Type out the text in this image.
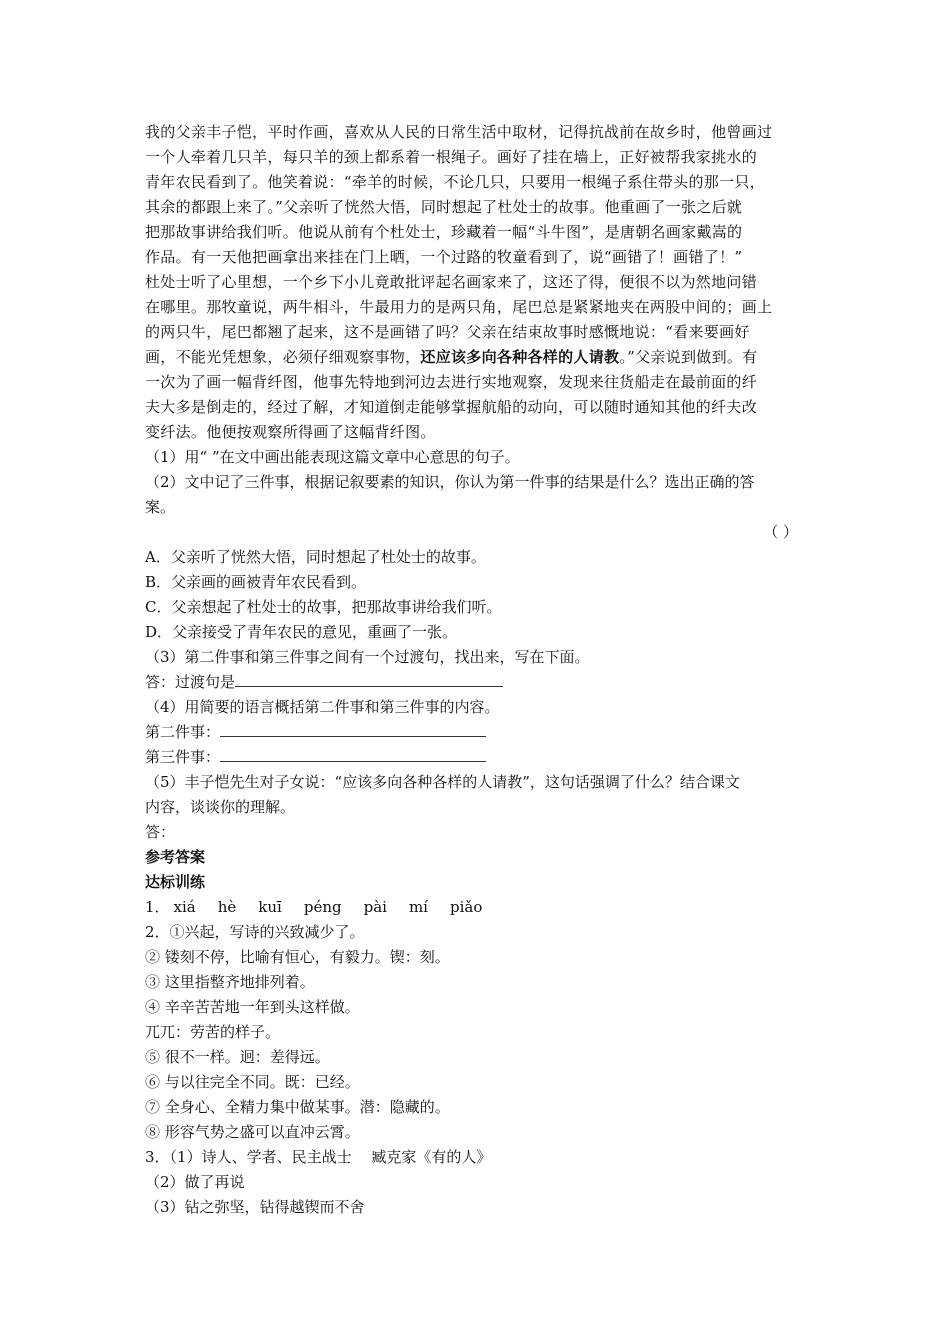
我的父亲丰子恺，平时作画，喜欢从人民的日常生活中取材，记得抗战前在故乡时，他曾画过
一个人牵着几只羊，每只羊的颈上都系着一根绳子。画好了挂在墙上，正好被帮我家挑水的
青年农民看到了。他笑着说：“牵羊的时候，不论几只，只要用一根绳子系住带头的那一只，
其余的都跟上来了。”父亲听了恍然大悟，同时想起了杜处士的故事。他重画了一张之后就
把那故事讲给我们听。他说从前有个杜处士，珍藏着一幅“斗牛图”，是唐朝名画家戴嵩的
作品。有一天他把画拿出来挂在门上晒，一个过路的牧童看到了，说“画错了！画错了！”
杜处士听了心里想，一个乡下小儿竟敢批评起名画家来了，这还了得，便很不以为然地问错
在哪里。那牧童说，两牛相斗，牛最用力的是两只角，尾巴总是紧紧地夹在两股中间的；画上
的两只牛，尾巴都翘了起来，这不是画错了吗？父亲在结束故事时感慨地说：“看来要画好
画，不能光凭想象，必须仔细观察事物，还应该多向各种各样的人请教。”父亲说到做到。有
一次为了画一幅背纤图，他事先特地到河边去进行实地观察，发现来往货船走在最前面的纤
夫大多是倒走的，经过了解，才知道倒走能够掌握航船的动向，可以随时通知其他的纤夫改
变纤法。他便按观察所得画了这幅背纤图。
（1）用“ ”在文中画出能表现这篇文章中心意思的句子。
（2）文中记了三件事，根据记叙要素的知识，你认为第一件事的结果是什么？选出正确的答
案。
（ ）
A．父亲听了恍然大悟，同时想起了杜处士的故事。
B．父亲画的画被青年农民看到。
C．父亲想起了杜处士的故事，把那故事讲给我们听。
D．父亲接受了青年农民的意见，重画了一张。
（3）第二件事和第三件事之间有一个过渡句，找出来，写在下面。
答：过渡句是
（4）用简要的语言概括第二件事和第三件事的内容。
第二件事：
第三件事：
（5）丰子恺先生对子女说：“应该多向各种各样的人请教”，这句话强调了什么？结合课文
内容，谈谈你的理解。
答：
参考答案
达标训练
1． xiá hè kuī péng pài mí piǎo
2．①兴起，写诗的兴致减少了。
② 镂刻不停，比喻有恒心，有毅力。锲：刻。
③ 这里指整齐地排列着。
④ 辛辛苦苦地一年到头这样做。
兀兀：劳苦的样子。
⑤ 很不一样。迥：差得远。
⑥ 与以往完全不同。既：已经。
⑦ 全身心、全精力集中做某事。潜：隐藏的。
⑧ 形容气势之盛可以直冲云霄。
3．（1）诗人、学者、民主战士　 臧克家《有的人》
（2）做了再说
（3）钻之弥坚，钻得越锲而不舍
